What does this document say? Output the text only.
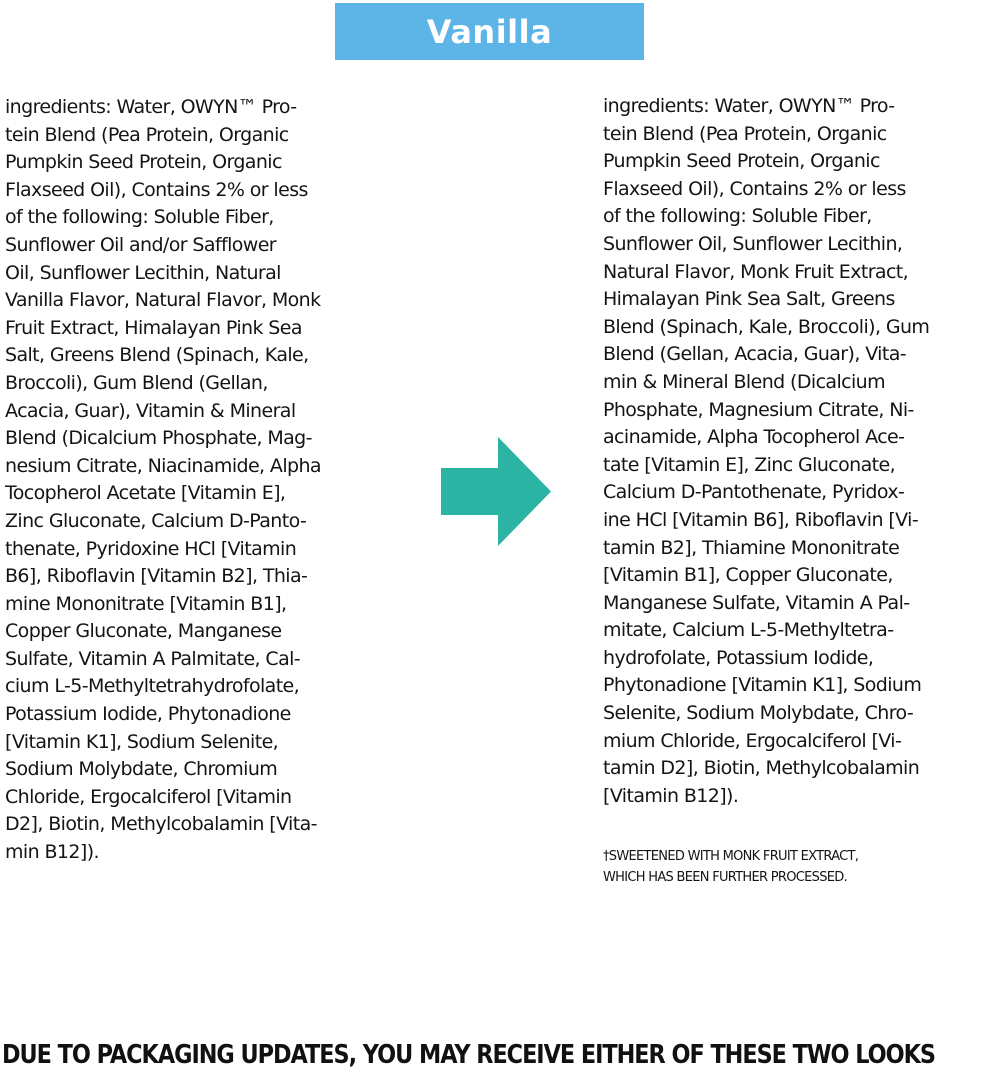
Vanilla
ingredients: Water, OWYN™ Pro-
tein Blend (Pea Protein, Organic
Pumpkin Seed Protein, Organic
Flaxseed Oil), Contains 2% or less
of the following: Soluble Fiber,
Sunflower Oil and/or Safflower
Oil, Sunflower Lecithin, Natural
Vanilla Flavor, Natural Flavor, Monk
Fruit Extract, Himalayan Pink Sea
Salt, Greens Blend (Spinach, Kale,
Broccoli), Gum Blend (Gellan,
Acacia, Guar), Vitamin & Mineral
Blend (Dicalcium Phosphate, Mag-
nesium Citrate, Niacinamide, Alpha
Tocopherol Acetate [Vitamin E],
Zinc Gluconate, Calcium D-Panto-
thenate, Pyridoxine HCl [Vitamin
B6], Riboflavin [Vitamin B2], Thia-
mine Mononitrate [Vitamin B1],
Copper Gluconate, Manganese
Sulfate, Vitamin A Palmitate, Cal-
cium L-5-Methyltetrahydrofolate,
Potassium Iodide, Phytonadione
[Vitamin K1], Sodium Selenite,
Sodium Molybdate, Chromium
Chloride, Ergocalciferol [Vitamin
D2], Biotin, Methylcobalamin [Vita-
min B12]).
ingredients: Water, OWYN™ Pro-
tein Blend (Pea Protein, Organic
Pumpkin Seed Protein, Organic
Flaxseed Oil), Contains 2% or less
of the following: Soluble Fiber,
Sunflower Oil, Sunflower Lecithin,
Natural Flavor, Monk Fruit Extract,
Himalayan Pink Sea Salt, Greens
Blend (Spinach, Kale, Broccoli), Gum
Blend (Gellan, Acacia, Guar), Vita-
min & Mineral Blend (Dicalcium
Phosphate, Magnesium Citrate, Ni-
acinamide, Alpha Tocopherol Ace-
tate [Vitamin E], Zinc Gluconate,
Calcium D-Pantothenate, Pyridox-
ine HCl [Vitamin B6], Riboflavin [Vi-
tamin B2], Thiamine Mononitrate
[Vitamin B1], Copper Gluconate,
Manganese Sulfate, Vitamin A Pal-
mitate, Calcium L-5-Methyltetra-
hydrofolate, Potassium Iodide,
Phytonadione [Vitamin K1], Sodium
Selenite, Sodium Molybdate, Chro-
mium Chloride, Ergocalciferol [Vi-
tamin D2], Biotin, Methylcobalamin
[Vitamin B12]).
†SWEETENED WITH MONK FRUIT EXTRACT,
WHICH HAS BEEN FURTHER PROCESSED.
DUE TO PACKAGING UPDATES, YOU MAY RECEIVE EITHER OF THESE TWO LOOKS
